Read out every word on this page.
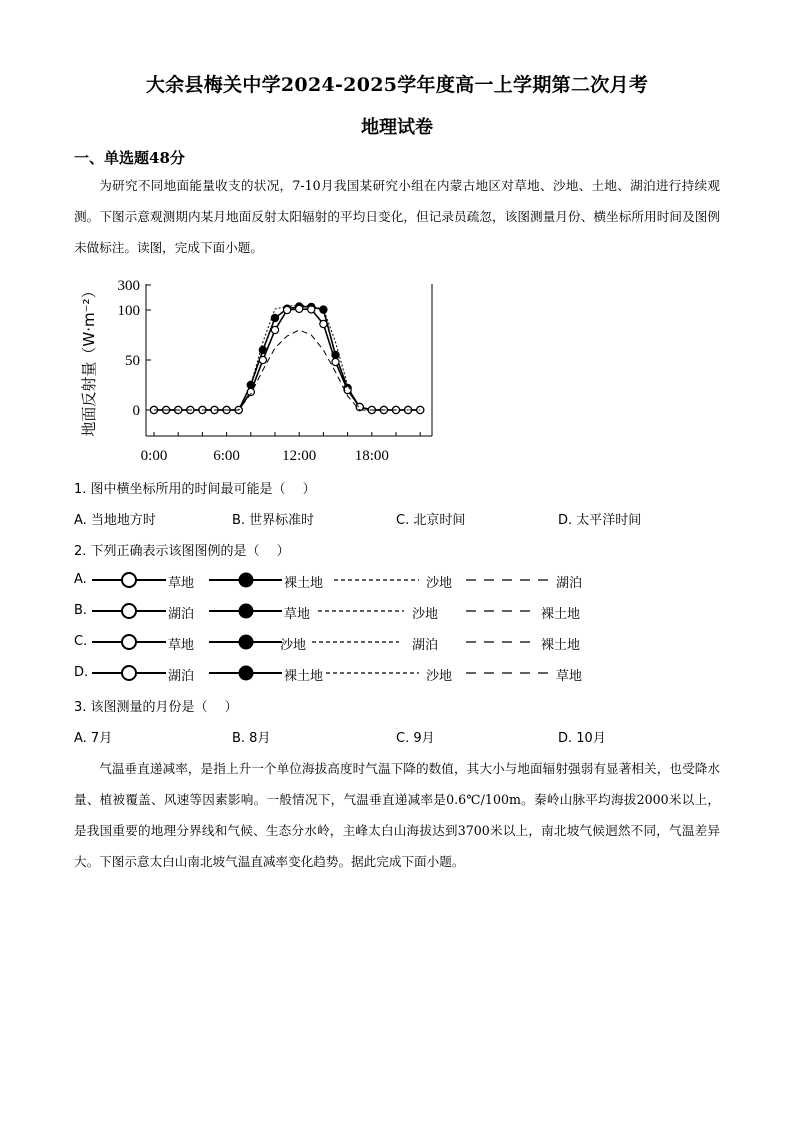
大余县梅关中学2024-2025学年度高一上学期第二次月考
地理试卷
一、单选题48分
为研究不同地面能量收支的状况，7-10月我国某研究小组在内蒙古地区对草地、沙地、土地、湖泊进行持续观测。下图示意观测期内某月地面反射太阳辐射的平均日变化，但记录员疏忽，该图测量月份、横坐标所用时间及图例未做标注。读图，完成下面小题。
300
100
50
0
0:00	6:00	12:00	18:00
地面反射量（W·m⁻²）
1. 图中横坐标所用的时间最可能是（　 ）
A. 当地地方时	B. 世界标准时	C. 北京时间	D. 太平洋时间
2. 下列正确表示该图图例的是（　 ）
A.	草地	裸土地	沙地	湖泊
B.	湖泊	草地	沙地	裸土地
C.	草地	沙地	湖泊	裸土地
D.	湖泊	裸土地	沙地	草地
3. 该图测量的月份是（　 ）
A. 7月	B. 8月	C. 9月	D. 10月
气温垂直递减率，是指上升一个单位海拔高度时气温下降的数值，其大小与地面辐射强弱有显著相关，也受降水量、植被覆盖、风速等因素影响。一般情况下，气温垂直递减率是0.6℃/100m。秦岭山脉平均海拔2000米以上，是我国重要的地理分界线和气候、生态分水岭，主峰太白山海拔达到3700米以上，南北坡气候迥然不同，气温差异大。下图示意太白山南北坡气温直减率变化趋势。据此完成下面小题。
